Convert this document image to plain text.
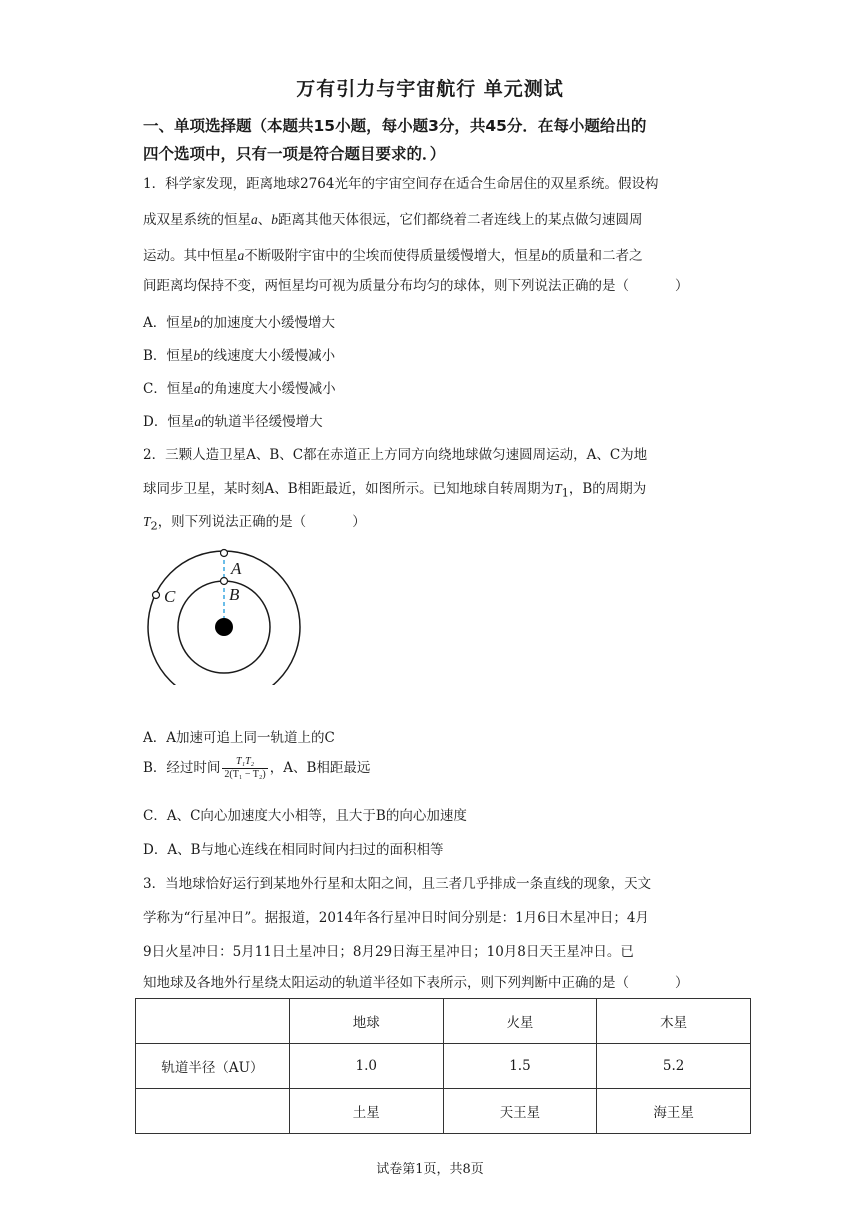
万有引力与宇宙航行 单元测试
一、单项选择题（本题共15小题，每小题3分，共45分．在每小题给出的
四个选项中，只有一项是符合题目要求的．）
1．科学家发现，距离地球2764光年的宇宙空间存在适合生命居住的双星系统。假设构
成双星系统的恒星a、b距离其他天体很远，它们都绕着二者连线上的某点做匀速圆周
运动。其中恒星a不断吸附宇宙中的尘埃而使得质量缓慢增大，恒星b的质量和二者之
间距离均保持不变，两恒星均可视为质量分布均匀的球体，则下列说法正确的是（	）
A．恒星b的加速度大小缓慢增大
B．恒星b的线速度大小缓慢减小
C．恒星a的角速度大小缓慢减小
D．恒星a的轨道半径缓慢增大
2．三颗人造卫星A、B、C都在赤道正上方同方向绕地球做匀速圆周运动，A、C为地
球同步卫星，某时刻A、B相距最近，如图所示。已知地球自转周期为$T_1$，B的周期为
$T_2$，则下列说法正确的是（	）
A
B
C
A．A加速可追上同一轨道上的C
B．经过时间 $\frac{\text{T₁T₂}}{\text{2(T₁ − T₂)}}$ ，A、B相距最远
C．A、C向心加速度大小相等，且大于B的向心加速度
D．A、B与地心连线在相同时间内扫过的面积相等
3．当地球恰好运行到某地外行星和太阳之间，且三者几乎排成一条直线的现象，天文
学称为“行星冲日”。据报道，2014年各行星冲日时间分别是：1月6日木星冲日；4月
9日火星冲日：5月11日土星冲日；8月29日海王星冲日；10月8日天王星冲日。已
知地球及各地外行星绕太阳运动的轨道半径如下表所示，则下列判断中正确的是（	）
	地球	火星	木星
轨道半径（AU）	1.0	1.5	5.2
	土星	天王星	海王星
试卷第1页，共8页
